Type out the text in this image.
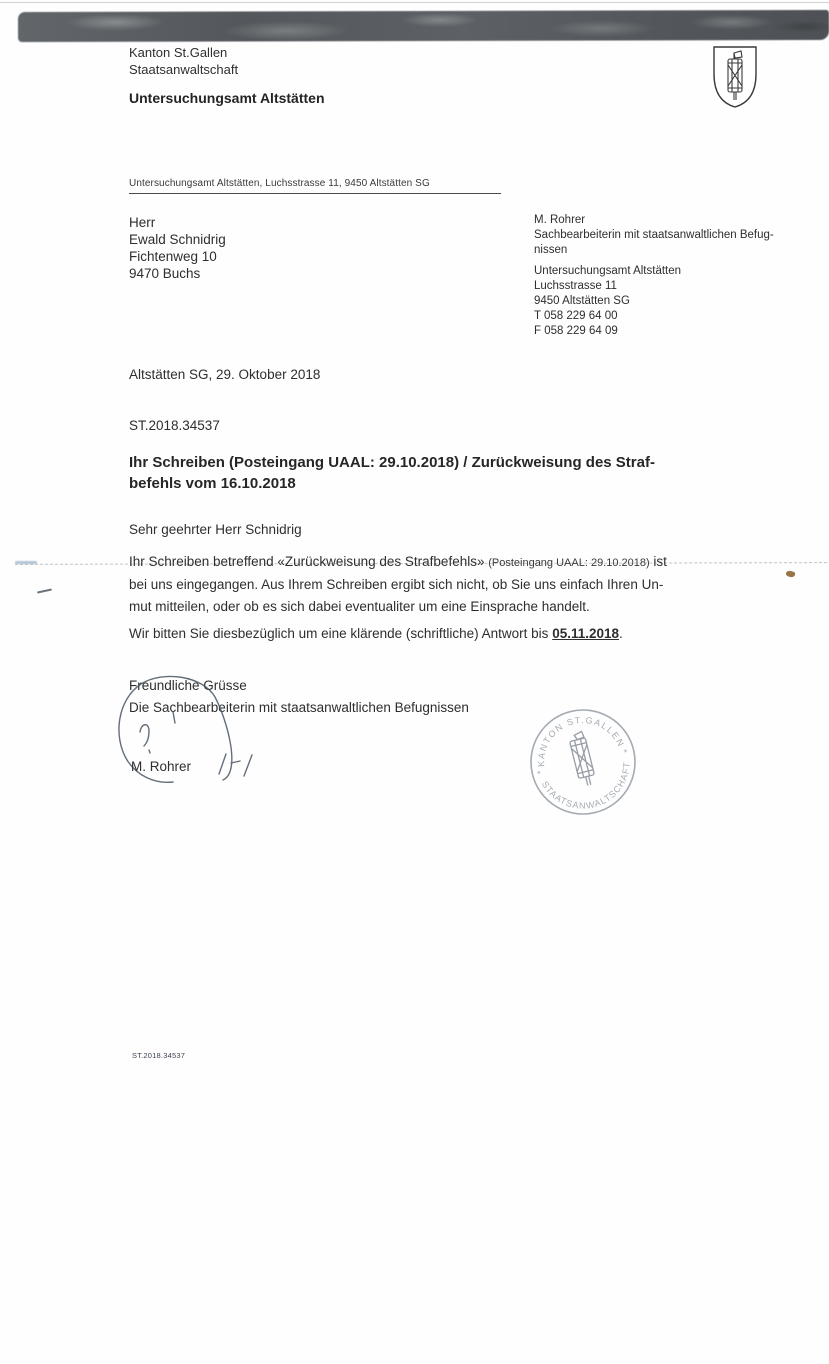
Kanton St.Gallen
Staatsanwaltschaft
Untersuchungsamt Altstätten
Untersuchungsamt Altstätten, Luchsstrasse 11, 9450 Altstätten SG
Herr
Ewald Schnidrig
Fichtenweg 10
9470 Buchs
M. Rohrer
Sachbearbeiterin mit staatsanwaltlichen Befug-
nissen
Untersuchungsamt Altstätten
Luchsstrasse 11
9450 Altstätten SG
T 058 229 64 00
F 058 229 64 09
Altstätten SG, 29. Oktober 2018
ST.2018.34537
Ihr Schreiben (Posteingang UAAL: 29.10.2018) / Zurückweisung des Straf-
befehls vom 16.10.2018
Sehr geehrter Herr Schnidrig
Ihr Schreiben betreffend «Zurückweisung des Strafbefehls» (Posteingang UAAL: 29.10.2018) ist
bei uns eingegangen. Aus Ihrem Schreiben ergibt sich nicht, ob Sie uns einfach Ihren Un-
mut mitteilen, oder ob es sich dabei eventualiter um eine Einsprache handelt.
Wir bitten Sie diesbezüglich um eine klärende (schriftliche) Antwort bis 05.11.2018.
Freundliche Grüsse
Die Sachbearbeiterin mit staatsanwaltlichen Befugnissen
M. Rohrer	KANTON ST.GALLEN
STAATSANWALTSCHAFT
*
*
ST.2018.34537
